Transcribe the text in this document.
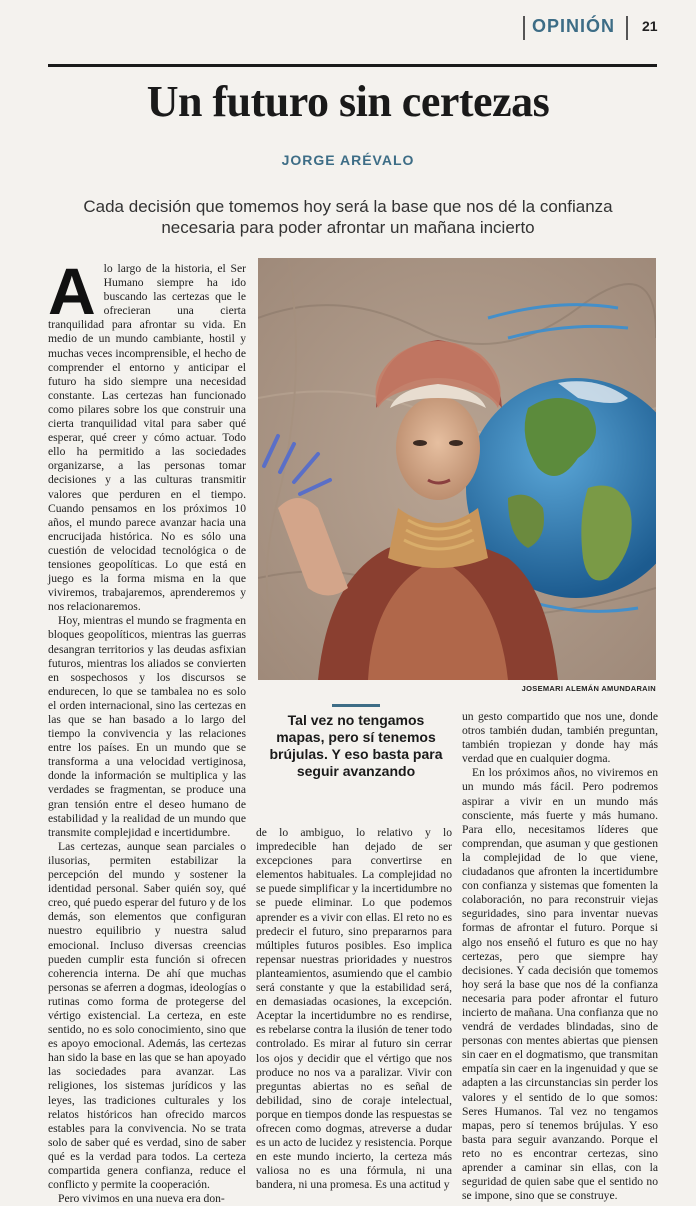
OPINIÓN 21
Un futuro sin certezas
JORGE ARÉVALO
Cada decisión que tomemos hoy será la base que nos dé la confianza necesaria para poder afrontar un mañana incierto

Alo largo de la historia, el Ser Humano siempre ha ido buscando las certezas que le ofrecieran una cierta tranquilidad para afrontar su vida. En medio de un mundo cambiante, hostil y muchas veces incomprensible, el hecho de comprender el entorno y anticipar el futuro ha sido siempre una necesidad constante. Las certezas han funcionado como pilares sobre los que construir una cierta tranquilidad vital para saber qué esperar, qué creer y cómo actuar. Todo ello ha permitido a las sociedades organizarse, a las personas tomar decisiones y a las culturas transmitir valores que perduren en el tiempo. Cuando pensamos en los próximos 10 años, el mundo parece avanzar hacia una encrucijada histórica. No es sólo una cuestión de velocidad tecnológica o de tensiones geopolíticas. Lo que está en juego es la forma misma en la que viviremos, trabajaremos, aprenderemos y nos relacionaremos.

Hoy, mientras el mundo se fragmenta en bloques geopolíticos, mientras las guerras desangran territorios y las deudas asfixian futuros, mientras los aliados se convierten en sospechosos y los discursos se endurecen, lo que se tambalea no es solo el orden internacional, sino las certezas en las que se han basado a lo largo del tiempo la convivencia y las relaciones entre los países. En un mundo que se transforma a una velocidad vertiginosa, donde la información se multiplica y las verdades se fragmentan, se produce una gran tensión entre el deseo humano de estabilidad y la realidad de un mundo que transmite complejidad e incertidumbre.

Las certezas, aunque sean parciales o ilusorias, permiten estabilizar la percepción del mundo y sostener la identidad personal. Saber quién soy, qué creo, qué puedo esperar del futuro y de los demás, son elementos que configuran nuestro equilibrio y nuestra salud emocional. Incluso diversas creencias pueden cumplir esta función si ofrecen coherencia interna. De ahí que muchas personas se aferren a dogmas, ideologías o rutinas como forma de protegerse del vértigo existencial. La certeza, en este sentido, no es solo conocimiento, sino que es apoyo emocional. Además, las certezas han sido la base en las que se han apoyado las sociedades para avanzar. Las religiones, los sistemas jurídicos y las leyes, las tradiciones culturales y los relatos históricos han ofrecido marcos estables para la convivencia. No se trata solo de saber qué es verdad, sino de saber qué es la verdad para todos. La certeza compartida genera confianza, reduce el conflicto y permite la cooperación.

Pero vivimos en una nueva era don-

JOSEMARI ALEMÁN AMUNDARAIN
Tal vez no tengamos mapas, pero sí tenemos brújulas. Y eso basta para seguir avanzando

de lo ambiguo, lo relativo y lo impredecible han dejado de ser excepciones para convertirse en elementos habituales. La complejidad no se puede simplificar y la incertidumbre no se puede eliminar. Lo que podemos aprender es a vivir con ellas. El reto no es predecir el futuro, sino prepararnos para múltiples futuros posibles. Eso implica repensar nuestras prioridades y nuestros planteamientos, asumiendo que el cambio será constante y que la estabilidad será, en demasiadas ocasiones, la excepción. Aceptar la incertidumbre no es rendirse, es rebelarse contra la ilusión de tener todo controlado. Es mirar al futuro sin cerrar los ojos y decidir que el vértigo que nos produce no nos va a paralizar. Vivir con preguntas abiertas no es señal de debilidad, sino de coraje intelectual, porque en tiempos donde las respuestas se ofrecen como dogmas, atreverse a dudar es un acto de lucidez y resistencia. Porque en este mundo incierto, la certeza más valiosa no es una fórmula, ni una bandera, ni una promesa. Es una actitud y

un gesto compartido que nos une, donde otros también dudan, también preguntan, también tropiezan y donde hay más verdad que en cualquier dogma.

En los próximos años, no viviremos en un mundo más fácil. Pero podremos aspirar a vivir en un mundo más consciente, más fuerte y más humano. Para ello, necesitamos líderes que comprendan, que asuman y que gestionen la complejidad de lo que viene, ciudadanos que afronten la incertidumbre con confianza y sistemas que fomenten la colaboración, no para reconstruir viejas seguridades, sino para inventar nuevas formas de afrontar el futuro. Porque si algo nos enseñó el futuro es que no hay certezas, pero que siempre hay decisiones. Y cada decisión que tomemos hoy será la base que nos dé la confianza necesaria para poder afrontar el futuro incierto de mañana. Una confianza que no vendrá de verdades blindadas, sino de personas con mentes abiertas que piensen sin caer en el dogmatismo, que transmitan empatía sin caer en la ingenuidad y que se adapten a las circunstancias sin perder los valores y el sentido de lo que somos: Seres Humanos. Tal vez no tengamos mapas, pero sí tenemos brújulas. Y eso basta para seguir avanzando. Porque el reto no es encontrar certezas, sino aprender a caminar sin ellas, con la seguridad de quien sabe que el sentido no se impone, sino que se construye.
